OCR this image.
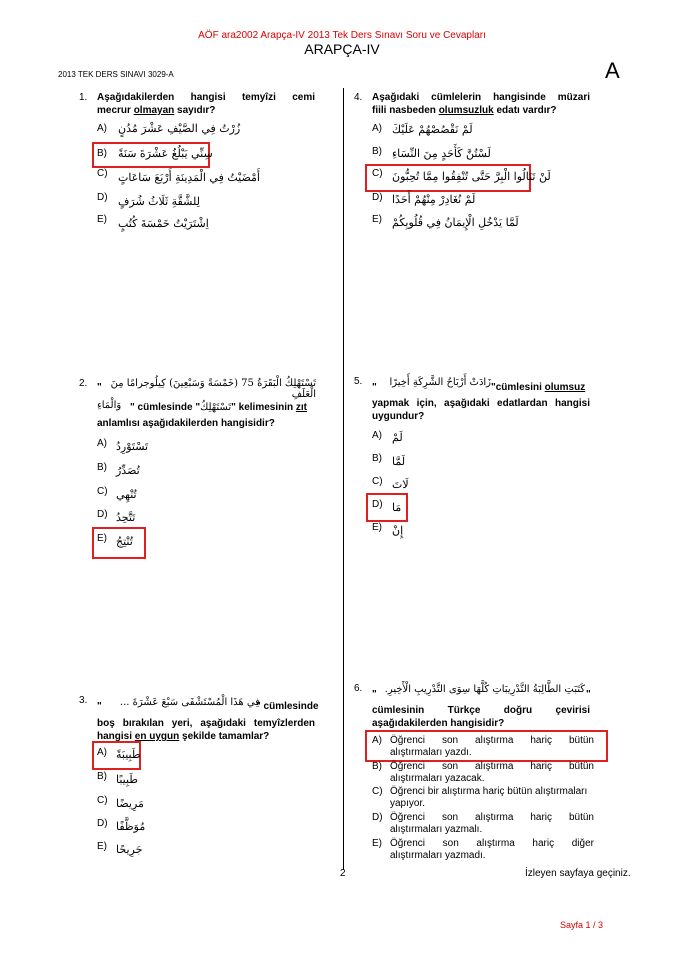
AÖF ara2002 Arapça-IV 2013 Tek Ders Sınavı Soru ve Cevapları
ARAPÇA-IV
2013 TEK DERS SINAVI 3029-A	A
1. Aşağıdakilerden hangisi temyîzi cemi
mecrur olmayan sayıdır?
A) زُرْتُ فِي الصَّيْفِ عَشْرَ مُدُنٍ
B) سِنِّي يَبْلُغُ عَشْرَةَ سَنَةً
C) أَمْضَيْتُ فِي الْمَدِينَةِ أَرْبَعَ سَاعَاتٍ
D) لِلشَّقَّةِ ثَلَاثُ شُرَفٍ
E) اِشْتَرَيْتُ خَمْسَةَ كُتُبٍ
2. " تَسْتَهْلِكُ الْبَقَرَةُ 75 (خَمْسَةً وَسَبْعِينَ) كِيلُوجرامًا مِنَ الْعَلَفِ
وَالْمَاءِ " cümlesinde "تَسْتَهْلِكُ" kelimesinin zıt
anlamlısı aşağıdakilerden hangisidir?
A) تَسْتَوْرِدُ
B) تُصَدِّرُ
C) تُنْهِي
D) تَتَّحِدُ
E) تُنْتِجُ
3.
"	فِي هَذَا الْمُسْتَشْفَى سَبْعَ عَشْرَةَ ...
" cümlesinde
boş bırakılan yeri, aşağıdaki temyîzlerden
hangisi en uygun şekilde tamamlar?
A) طَبِيبَةً
B) طَبِيبًا
C) مَرِيضًا
D) مُوَظَّفًا
E) جَرِيحًا
4. Aşağıdaki cümlelerin hangisinde müzari
fiili nasbeden olumsuzluk edatı vardır?
A) لَمْ نَقْصُصْهُمْ عَلَيْكَ
B) لَسْتُنَّ كَأَحَدٍ مِنَ النِّسَاءِ
C) لَنْ تَنَالُوا الْبِرَّ حَتَّى تُنْفِقُوا مِمَّا تُحِبُّونَ
D) لَمْ نُغَادِرْ مِنْهُمْ أَحَدًا
E) لَمَّا يَدْخُلِ الْإِيمَانُ فِي قُلُوبِكُمْ
5.
"	زَادَتْ أَرْبَاحُ الشَّرِكَةِ أَخِيرًا "cümlesini olumsuz
yapmak için, aşağıdaki edatlardan hangisi
uygundur?
A) لَمْ
B) لَمَّا
C) لَاتَ
D) مَا
E) إِنْ
6.
" كَتَبَتِ الطَّالِبَةُ التَّدْرِيبَاتِ كُلَّهَا سِوَى التَّدْرِيبِ الْأَخِيرِ. "
cümlesinin Türkçe doğru çevirisi
aşağıdakilerden hangisidir?
A) Öğrenci son alıştırma hariç bütün
alıştırmaları yazdı.
B) Öğrenci son alıştırma hariç bütün
alıştırmaları yazacak.
C) Öğrenci bir alıştırma hariç bütün alıştırmaları
yapıyor.
D) Öğrenci son alıştırma hariç bütün
alıştırmaları yazmalı.
E) Öğrenci son alıştırma hariç diğer
alıştırmaları yazmadı.
2	İzleyen sayfaya geçiniz.
Sayfa 1 / 3
